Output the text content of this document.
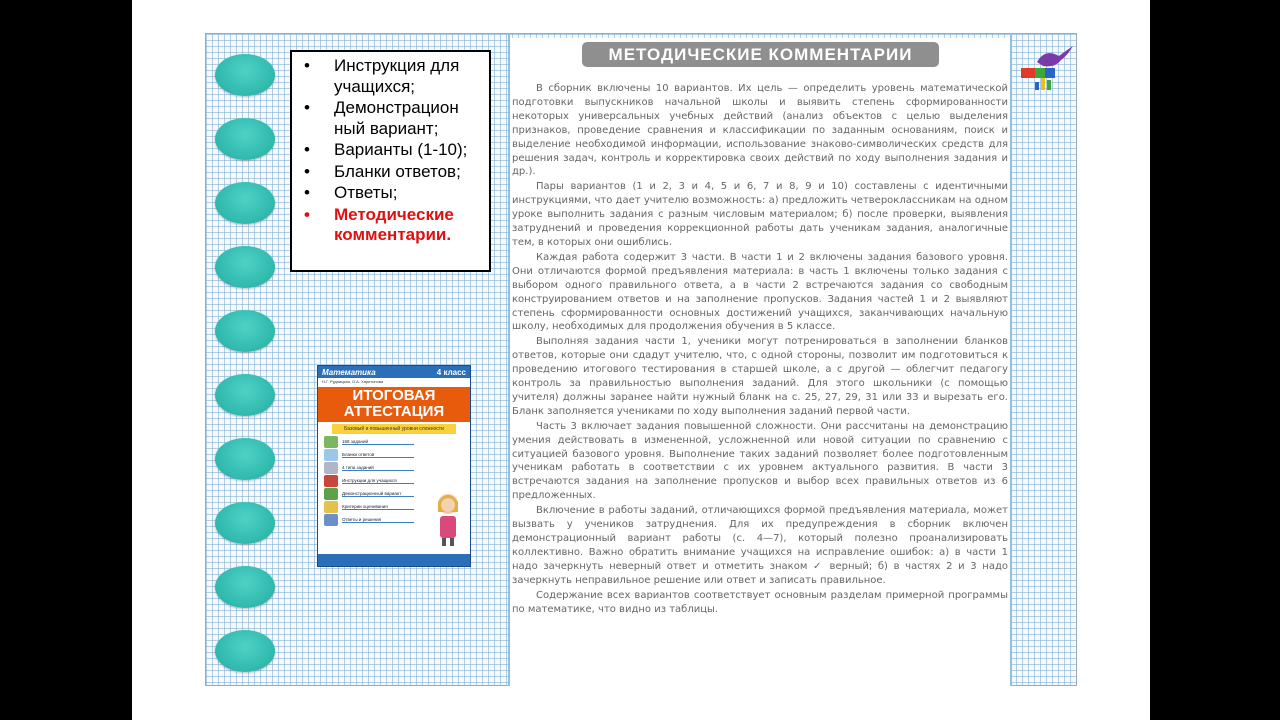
• Инструкция для учащихся;
• Демонстрацион ный вариант;
• Варианты (1-10);
• Бланки ответов;
• Ответы;
• Методические комментарии.
Математика	4 класс
Н.Г. Рудницкая, О.А. Харитонова
ИТОГОВАЯ
АТТЕСТАЦИЯ
Базовый и повышенный уровни сложности
168 заданий
Бланки ответов
4 типа заданий
Инструкции для учащихся
Демонстрационный вариант
Критерии оценивания
Ответы и решения
МЕТОДИЧЕСКИЕ КОММЕНТАРИИ

В сборник включены 10 вариантов. Их цель — определить уровень математической подготовки выпускников начальной школы и выявить степень сформированности некоторых универсальных учебных действий (анализ объектов с целью выделения признаков, проведение сравнения и классификации по заданным основаниям, поиск и выделение необходимой информации, использование знаково-символических средств для решения задач, контроль и корректировка своих действий по ходу выполнения задания и др.).

Пары вариантов (1 и 2, 3 и 4, 5 и 6, 7 и 8, 9 и 10) составлены с идентичными инструкциями, что дает учителю возможность: а) предложить четвероклассникам на одном уроке выполнить задания с разным числовым материалом; б) после проверки, выявления затруднений и проведения коррекционной работы дать ученикам задания, аналогичные тем, в которых они ошиблись.

Каждая работа содержит 3 части. В части 1 и 2 включены задания базового уровня. Они отличаются формой предъявления материала: в часть 1 включены только задания с выбором одного правильного ответа, а в части 2 встречаются задания со свободным конструированием ответов и на заполнение пропусков. Задания частей 1 и 2 выявляют степень сформированности основных достижений учащихся, заканчивающих начальную школу, необходимых для продолжения обучения в 5 классе.

Выполняя задания части 1, ученики могут потренироваться в заполнении бланков ответов, которые они сдадут учителю, что, с одной стороны, позволит им подготовиться к проведению итогового тестирования в старшей школе, а с другой — облегчит педагогу контроль за правильностью выполнения заданий. Для этого школьники (с помощью учителя) должны заранее найти нужный бланк на с. 25, 27, 29, 31 или 33 и вырезать его. Бланк заполняется учениками по ходу выполнения заданий первой части.

Часть 3 включает задания повышенной сложности. Они рассчитаны на демонстрацию умения действовать в измененной, усложненной или новой ситуации по сравнению с ситуацией базового уровня. Выполнение таких заданий позволяет более подготовленным ученикам работать в соответствии с их уровнем актуального развития. В части 3 встречаются задания на заполнение пропусков и выбор всех правильных ответов из 6 предложенных.

Включение в работы заданий, отличающихся формой предъявления материала, может вызвать у учеников затруднения. Для их предупреждения в сборник включен демонстрационный вариант работы (с. 4—7), который полезно проанализировать коллективно. Важно обратить внимание учащихся на исправление ошибок: а) в части 1 надо зачеркнуть неверный ответ и отметить знаком ✓ верный; б) в частях 2 и 3 надо зачеркнуть неправильное решение или ответ и записать правильное.

Содержание всех вариантов соответствует основным разделам примерной программы по математике, что видно из таблицы.
